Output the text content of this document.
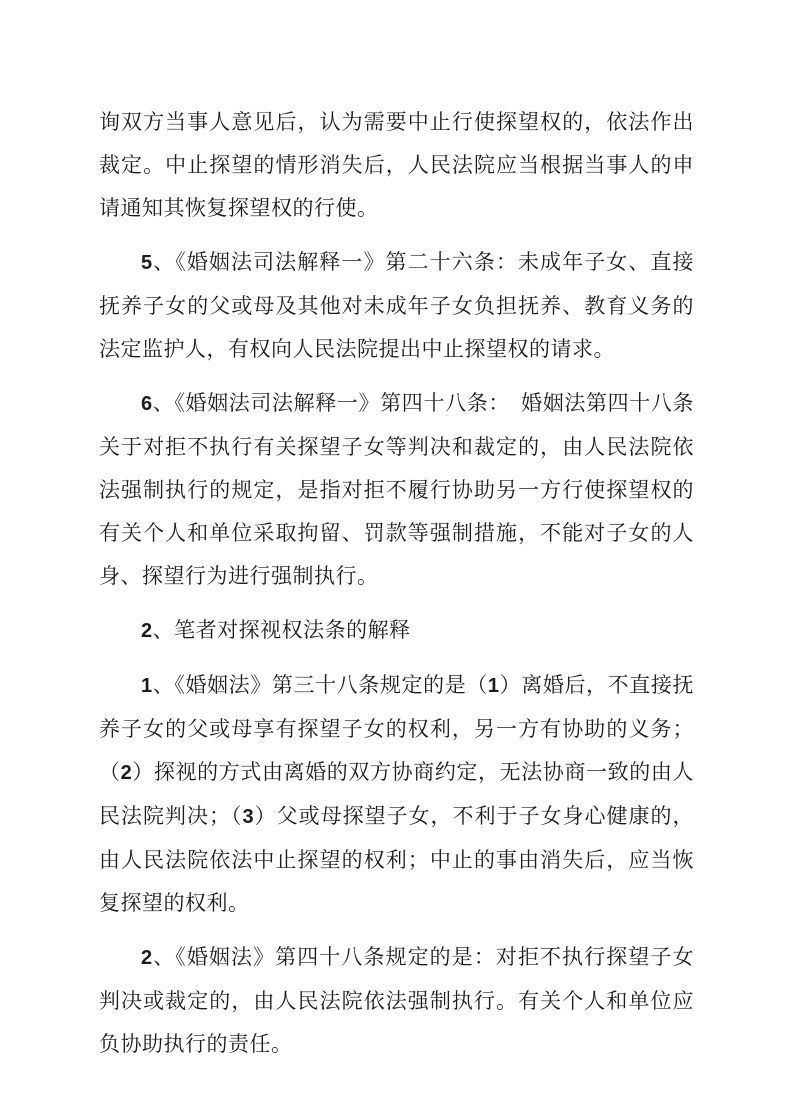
询双方当事人意见后，认为需要中止行使探望权的，依法作出裁定。中止探望的情形消失后，人民法院应当根据当事人的申请通知其恢复探望权的行使。

5、《婚姻法司法解释一》第二十六条：未成年子女、直接抚养子女的父或母及其他对未成年子女负担抚养、教育义务的法定监护人，有权向人民法院提出中止探望权的请求。

6、《婚姻法司法解释一》第四十八条：　婚姻法第四十八条关于对拒不执行有关探望子女等判决和裁定的，由人民法院依法强制执行的规定，是指对拒不履行协助另一方行使探望权的有关个人和单位采取拘留、罚款等强制措施，不能对子女的人身、探望行为进行强制执行。

2、笔者对探视权法条的解释

1、《婚姻法》第三十八条规定的是（1）离婚后，不直接抚养子女的父或母享有探望子女的权利，另一方有协助的义务；（2）探视的方式由离婚的双方协商约定，无法协商一致的由人民法院判决；（3）父或母探望子女，不利于子女身心健康的，由人民法院依法中止探望的权利；中止的事由消失后，应当恢复探望的权利。

2、《婚姻法》第四十八条规定的是：对拒不执行探望子女判决或裁定的，由人民法院依法强制执行。有关个人和单位应负协助执行的责任。
